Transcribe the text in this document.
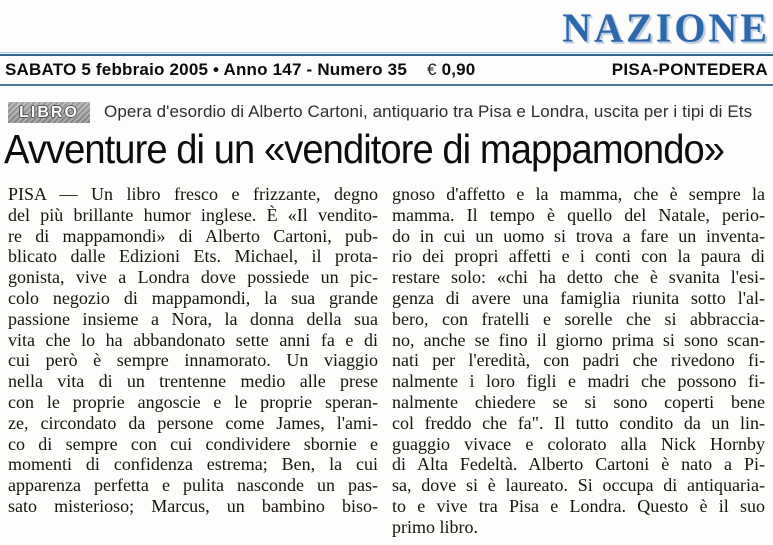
NAZIONE
SABATO 5 febbraio 2005 • Anno 147 - Numero 35 € 0,90	PISA-PONTEDERA
LIBRO	Opera d'esordio di Alberto Cartoni, antiquario tra Pisa e Londra, uscita per i tipi di Ets
Avventure di un «venditore di mappamondo»
PISA — Un libro fresco e frizzante, degno
del più brillante humor inglese. È «Il vendito-
re di mappamondi» di Alberto Cartoni, pub-
blicato dalle Edizioni Ets. Michael, il prota-
gonista, vive a Londra dove possiede un pic-
colo negozio di mappamondi, la sua grande
passione insieme a Nora, la donna della sua
vita che lo ha abbandonato sette anni fa e di
cui però è sempre innamorato. Un viaggio
nella vita di un trentenne medio alle prese
con le proprie angoscie e le proprie speran-
ze, circondato da persone come James, l'ami-
co di sempre con cui condividere sbornie e
momenti di confidenza estrema; Ben, la cui
apparenza perfetta e pulita nasconde un pas-
sato misterioso; Marcus, un bambino biso-
gnoso d'affetto e la mamma, che è sempre la
mamma. Il tempo è quello del Natale, perio-
do in cui un uomo si trova a fare un inventa-
rio dei propri affetti e i conti con la paura di
restare solo: «chi ha detto che è svanita l'esi-
genza di avere una famiglia riunita sotto l'al-
bero, con fratelli e sorelle che si abbraccia-
no, anche se fino il giorno prima si sono scan-
nati per l'eredità, con padri che rivedono fi-
nalmente i loro figli e madri che possono fi-
nalmente chiedere se si sono coperti bene
col freddo che fa". Il tutto condito da un lin-
guaggio vivace e colorato alla Nick Hornby
di Alta Fedeltà. Alberto Cartoni è nato a Pi-
sa, dove si è laureato. Si occupa di antiquaria-
to e vive tra Pisa e Londra. Questo è il suo
primo libro.
